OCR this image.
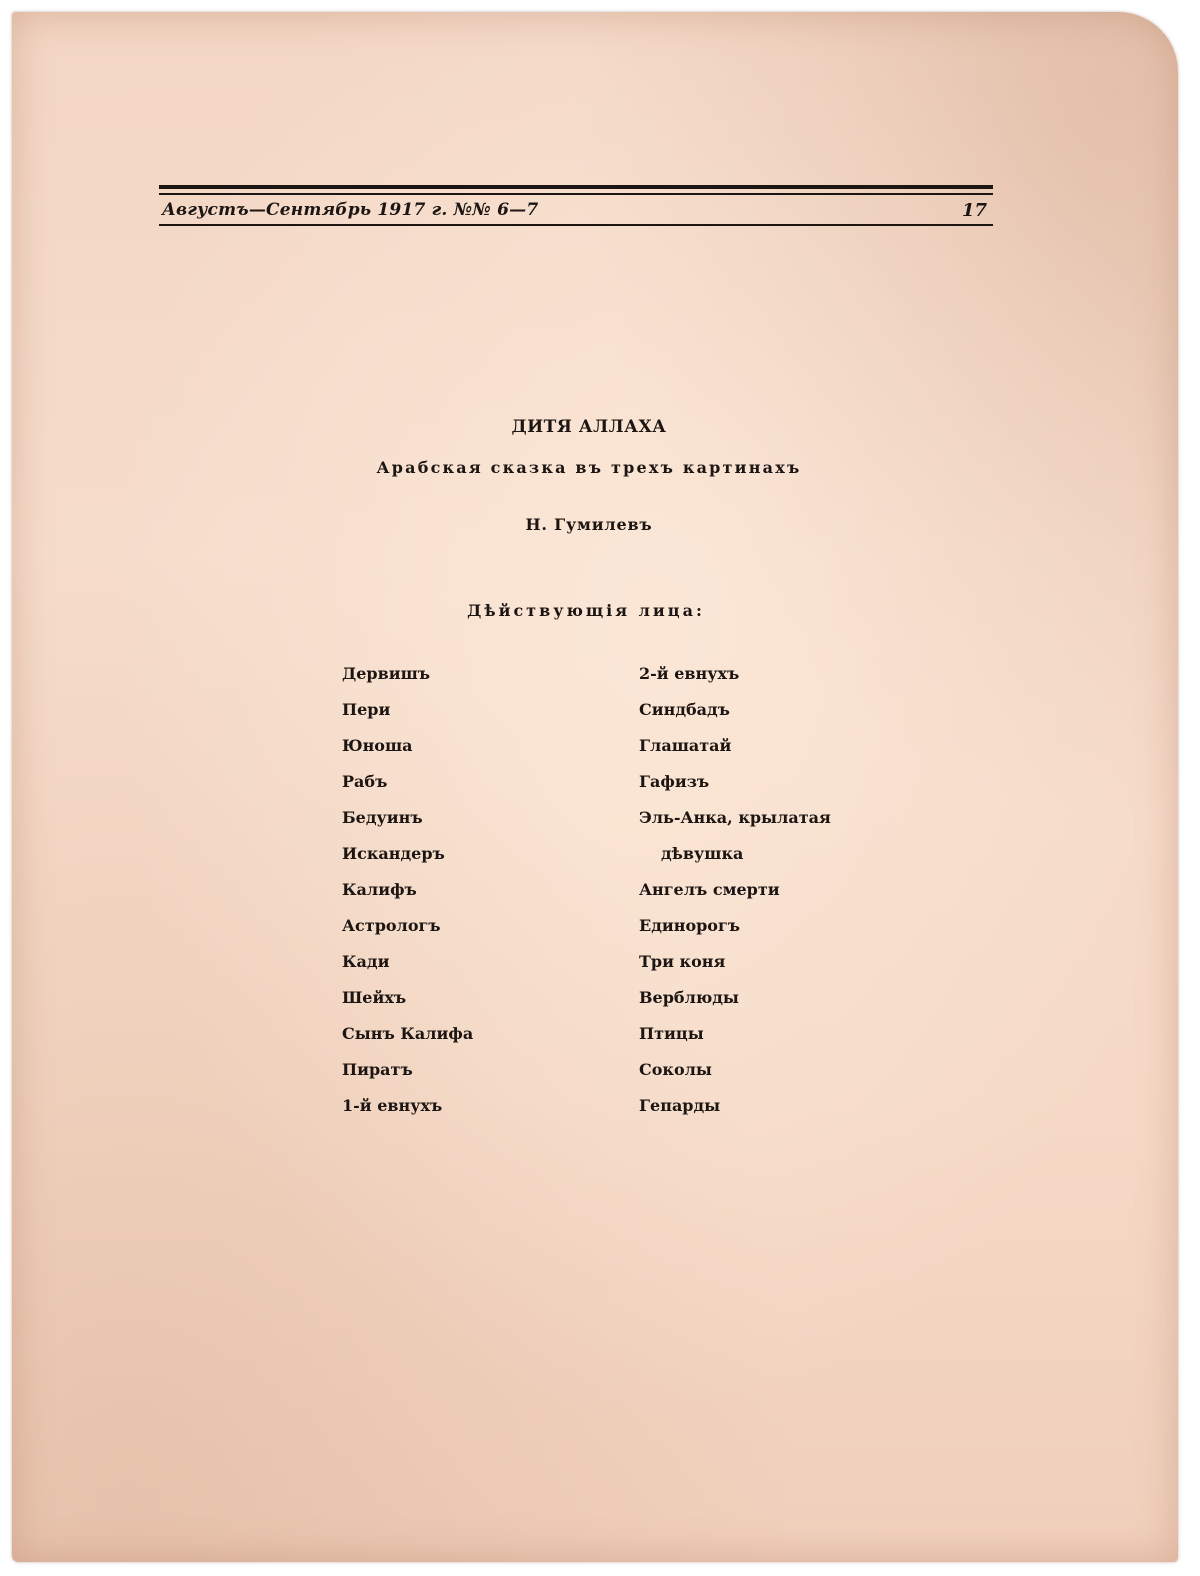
Августъ—Сентябрь 1917 г. №№ 6—7	17
ДИТЯ АЛЛАХА
Арабская сказка въ трехъ картинахъ
Н. Гумилевъ
Дѣйствующія лица:
Дервишъ
Пери
Юноша
Рабъ
Бедуинъ
Искандеръ
Калифъ
Астрологъ
Кади
Шейхъ
Сынъ Калифа
Пиратъ
1-й евнухъ
2-й евнухъ
Синдбадъ
Глашатай
Гафизъ
Эль-Анка, крылатая
дѣвушка
Ангелъ смерти
Единорогъ
Три коня
Верблюды
Птицы
Соколы
Гепарды
